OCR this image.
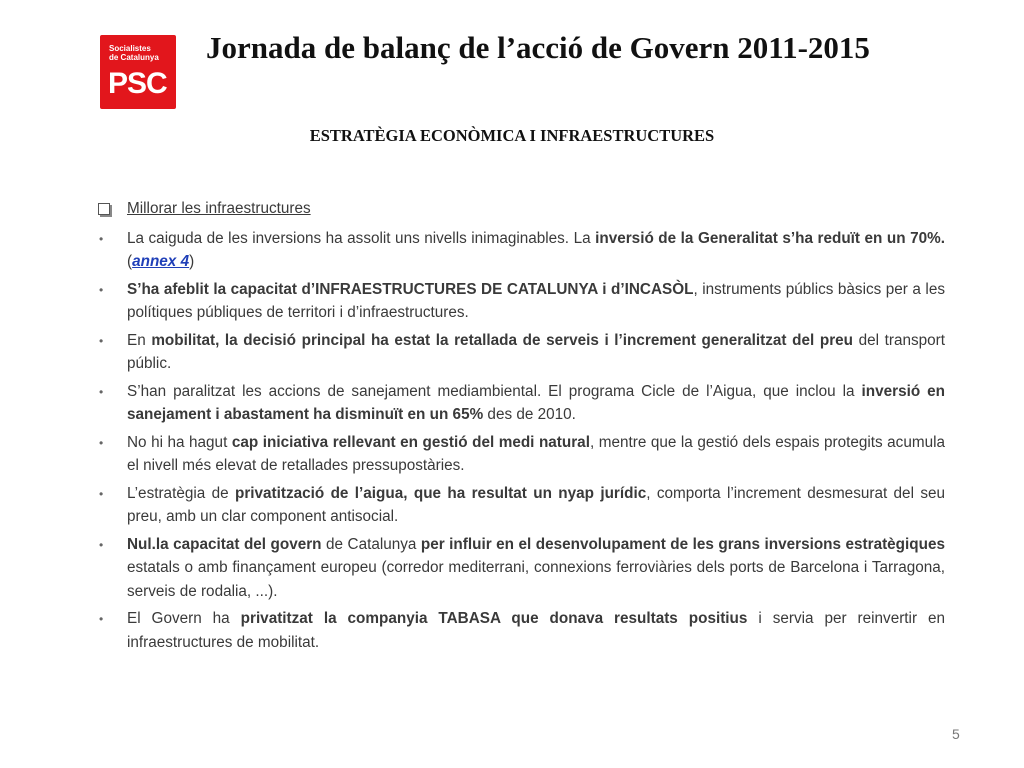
Socialistes
de Catalunya
PSC
Jornada de balanç de l’acció de Govern 2011-2015
ESTRATÈGIA ECONÒMICA I INFRAESTRUCTURES
Millorar les infraestructures
•	La caiguda de les inversions ha assolit uns nivells inimaginables. La inversió de la Generalitat s’ha reduït en un 70%. (annex 4)
•	S’ha afeblit la capacitat d’INFRAESTRUCTURES DE CATALUNYA i d’INCASÒL, instruments públics bàsics per a les polítiques públiques de territori i d’infraestructures.
•	En mobilitat, la decisió principal ha estat la retallada de serveis i l’increment generalitzat del preu del transport públic.
•	S’han paralitzat les accions de sanejament mediambiental. El programa Cicle de l’Aigua, que inclou la inversió en sanejament i abastament ha disminuït en un 65% des de 2010.
•	No hi ha hagut cap iniciativa rellevant en gestió del medi natural, mentre que la gestió dels espais protegits acumula el nivell més elevat de retallades pressupostàries.
•	L’estratègia de privatització de l’aigua, que ha resultat un nyap jurídic, comporta l’increment desmesurat del seu preu, amb un clar component antisocial.
•	Nul.la capacitat del govern de Catalunya per influir en el desenvolupament de les grans inversions estratègiques estatals o amb finançament europeu (corredor mediterrani, connexions ferroviàries dels ports de Barcelona i Tarragona, serveis de rodalia, ...).
•	El Govern ha privatitzat la companyia TABASA que donava resultats positius i servia per reinvertir en infraestructures de mobilitat.
5
